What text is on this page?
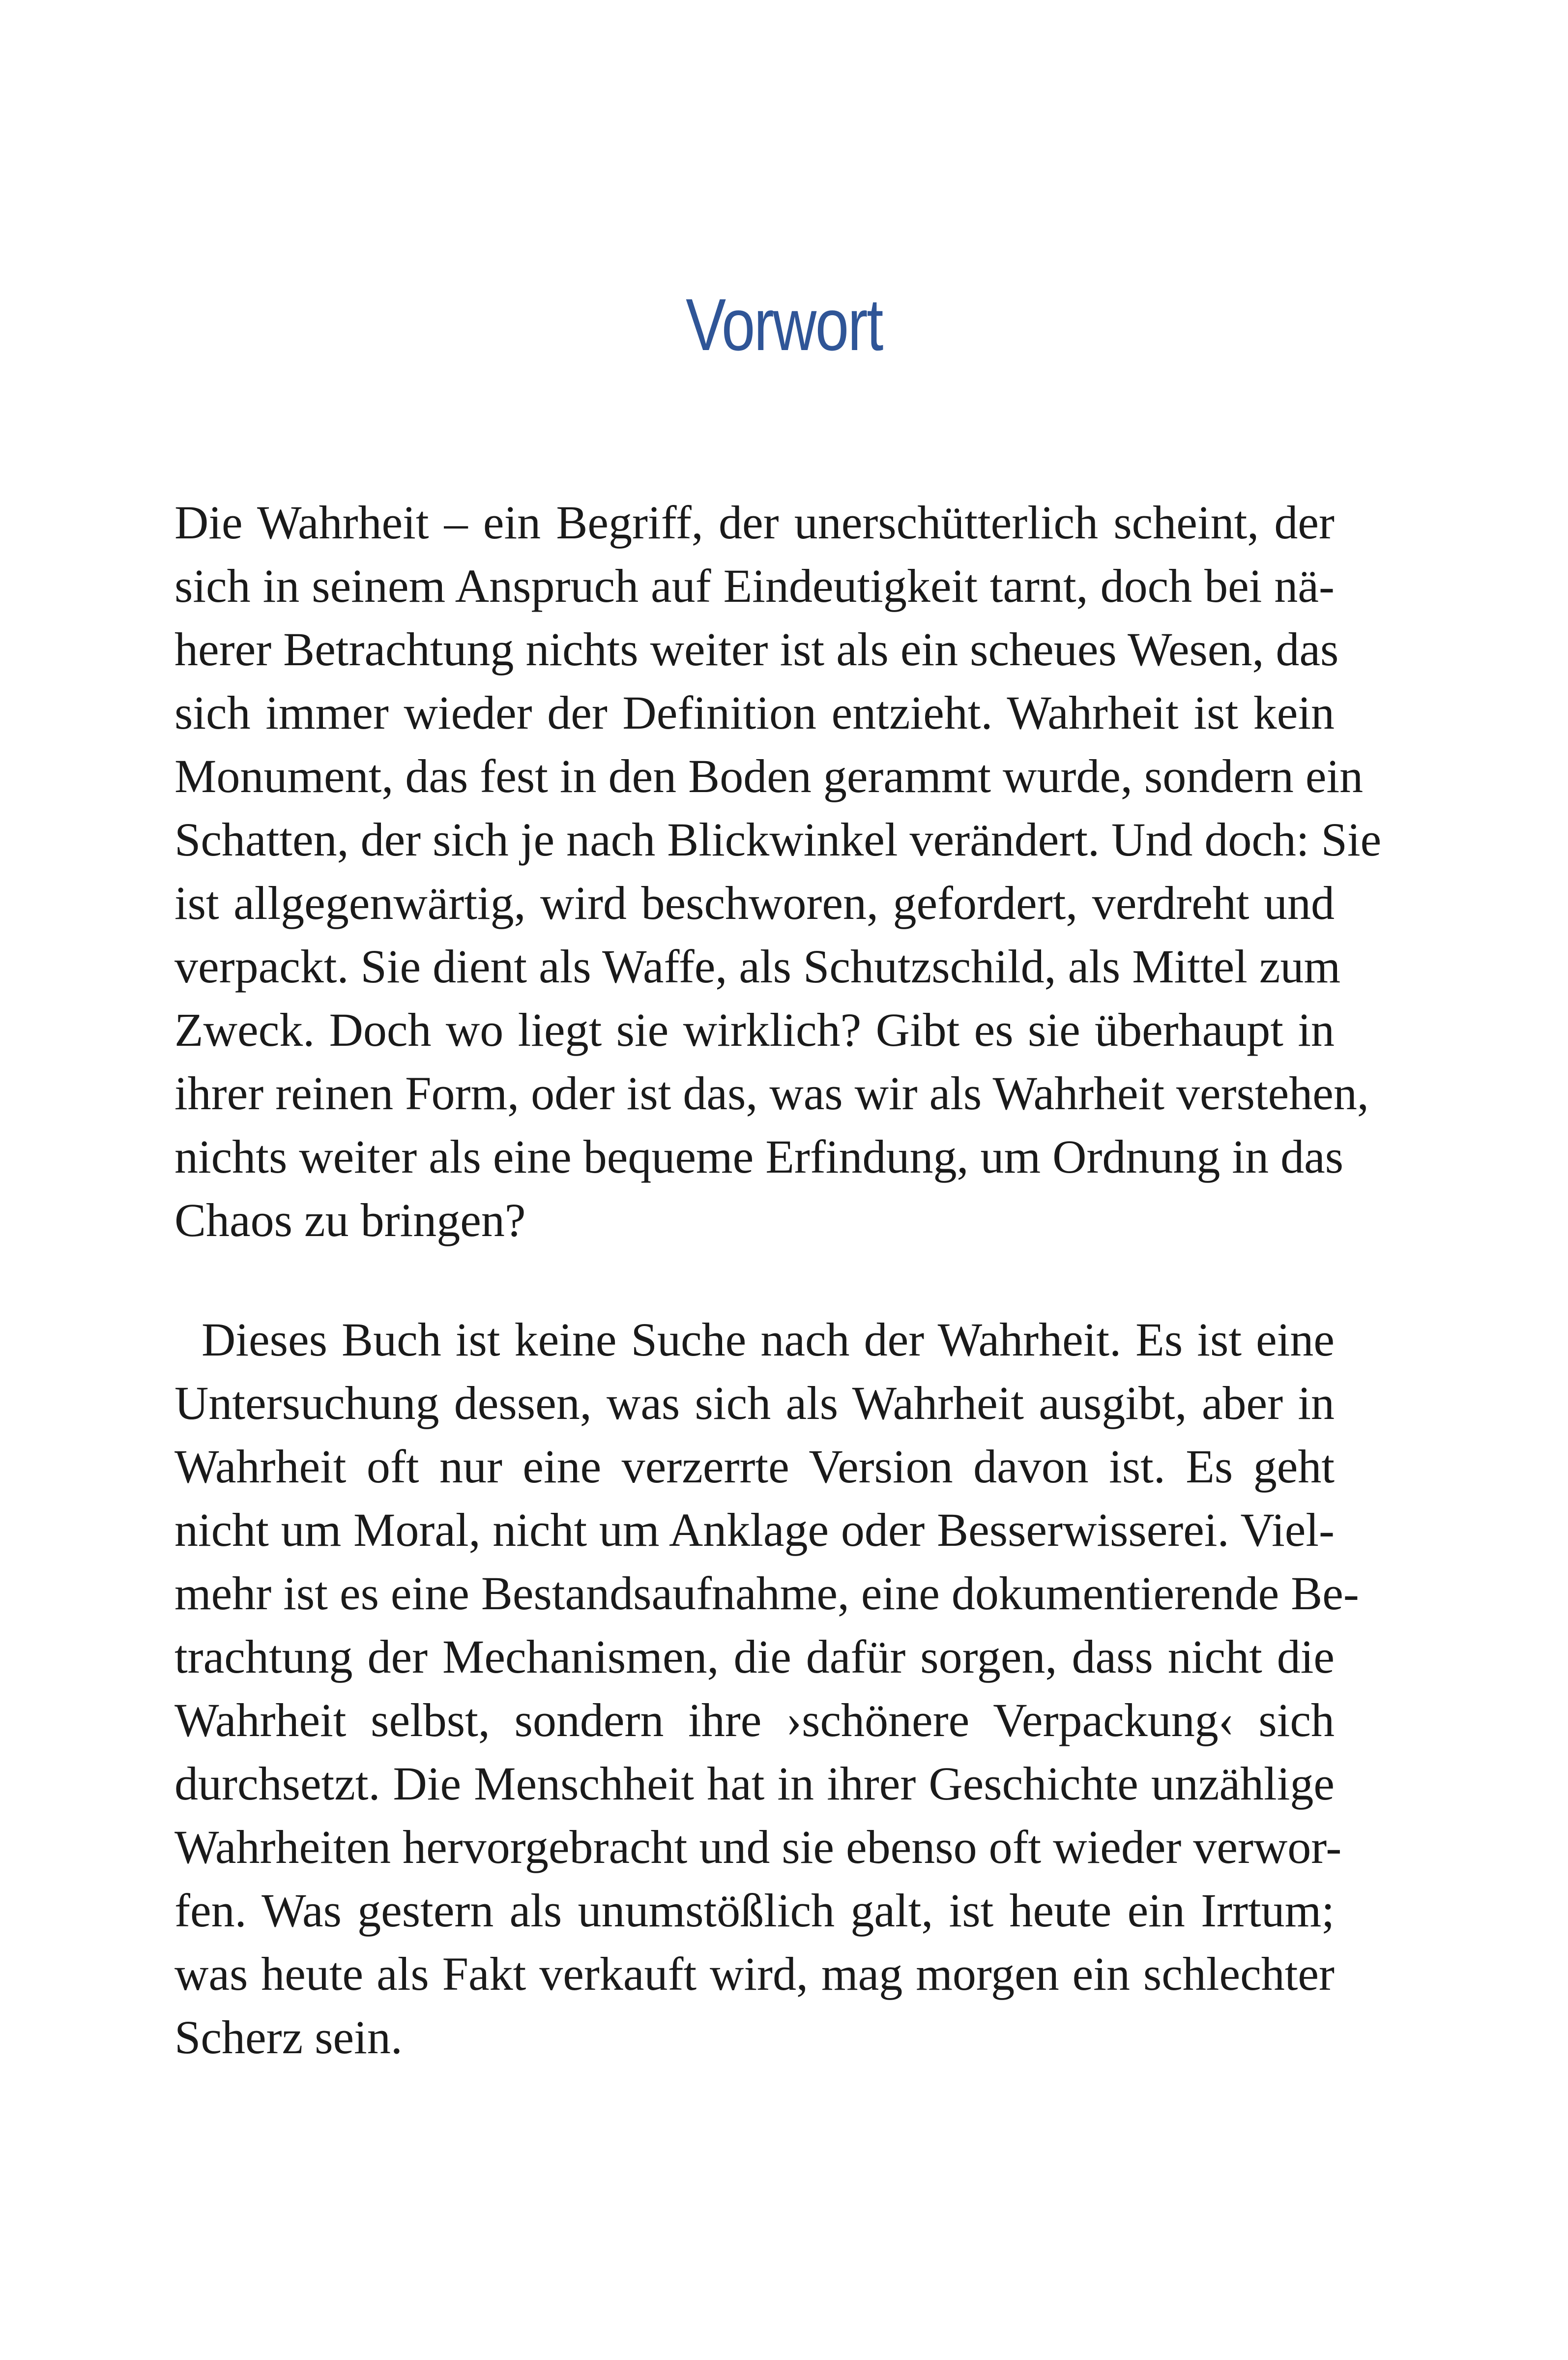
Vorwort
Die Wahrheit – ein Begriff, der unerschütterlich scheint, der
sich in seinem Anspruch auf Eindeutigkeit tarnt, doch bei nä-
herer Betrachtung nichts weiter ist als ein scheues Wesen, das
sich immer wieder der Definition entzieht. Wahrheit ist kein
Monument, das fest in den Boden gerammt wurde, sondern ein
Schatten, der sich je nach Blickwinkel verändert. Und doch: Sie
ist allgegenwärtig, wird beschworen, gefordert, verdreht und
verpackt. Sie dient als Waffe, als Schutzschild, als Mittel zum
Zweck. Doch wo liegt sie wirklich? Gibt es sie überhaupt in
ihrer reinen Form, oder ist das, was wir als Wahrheit verstehen,
nichts weiter als eine bequeme Erfindung, um Ordnung in das
Chaos zu bringen?
Dieses Buch ist keine Suche nach der Wahrheit. Es ist eine
Untersuchung dessen, was sich als Wahrheit ausgibt, aber in
Wahrheit oft nur eine verzerrte Version davon ist. Es geht
nicht um Moral, nicht um Anklage oder Besserwisserei. Viel-
mehr ist es eine Bestandsaufnahme, eine dokumentierende Be-
trachtung der Mechanismen, die dafür sorgen, dass nicht die
Wahrheit selbst, sondern ihre ›schönere Verpackung‹ sich
durchsetzt. Die Menschheit hat in ihrer Geschichte unzählige
Wahrheiten hervorgebracht und sie ebenso oft wieder verwor-
fen. Was gestern als unumstößlich galt, ist heute ein Irrtum;
was heute als Fakt verkauft wird, mag morgen ein schlechter
Scherz sein.
